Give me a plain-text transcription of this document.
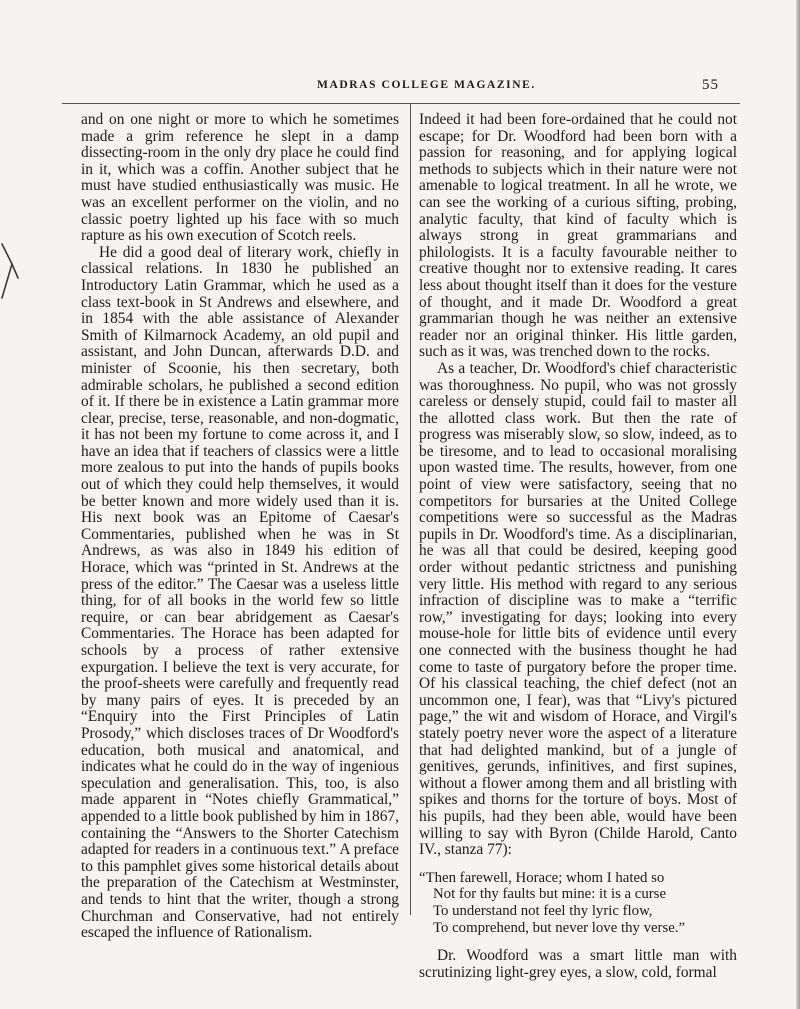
MADRAS COLLEGE MAGAZINE.	55

and on one night or more to which he sometimes made a grim reference he slept in a damp dissecting-room in the only dry place he could find in it, which was a coffin. Another subject that he must have studied enthusiastically was music. He was an excellent performer on the violin, and no classic poetry lighted up his face with so much rapture as his own execution of Scotch reels.

He did a good deal of literary work, chiefly in classical relations. In 1830 he published an Introductory Latin Grammar, which he used as a class text-book in St Andrews and elsewhere, and in 1854 with the able assistance of Alexander Smith of Kilmarnock Academy, an old pupil and assistant, and John Duncan, afterwards D.D. and minister of Scoonie, his then secretary, both admirable scholars, he published a second edition of it. If there be in existence a Latin grammar more clear, precise, terse, reasonable, and non-dogmatic, it has not been my fortune to come across it, and I have an idea that if teachers of classics were a little more zealous to put into the hands of pupils books out of which they could help themselves, it would be better known and more widely used than it is. His next book was an Epitome of Caesar's Commentaries, published when he was in St Andrews, as was also in 1849 his edition of Horace, which was “printed in St. Andrews at the press of the editor.” The Caesar was a useless little thing, for of all books in the world few so little require, or can bear abridgement as Caesar's Commentaries. The Horace has been adapted for schools by a process of rather extensive expurgation. I believe the text is very accurate, for the proof-sheets were carefully and frequently read by many pairs of eyes. It is preceded by an “Enquiry into the First Principles of Latin Prosody,” which discloses traces of Dr Woodford's education, both musical and anatomical, and indicates what he could do in the way of ingenious speculation and generalisation. This, too, is also made apparent in “Notes chiefly Grammatical,” appended to a little book published by him in 1867, containing the “Answers to the Shorter Catechism adapted for readers in a continuous text.” A preface to this pamphlet gives some historical details about the preparation of the Catechism at Westminster, and tends to hint that the writer, though a strong Churchman and Conservative, had not entirely escaped the influence of Rationalism.

Indeed it had been fore-ordained that he could not escape; for Dr. Woodford had been born with a passion for reasoning, and for applying logical methods to subjects which in their nature were not amenable to logical treatment. In all he wrote, we can see the working of a curious sifting, probing, analytic faculty, that kind of faculty which is always strong in great grammarians and philologists. It is a faculty favourable neither to creative thought nor to extensive reading. It cares less about thought itself than it does for the vesture of thought, and it made Dr. Woodford a great grammarian though he was neither an extensive reader nor an original thinker. His little garden, such as it was, was trenched down to the rocks.

As a teacher, Dr. Woodford's chief characteristic was thoroughness. No pupil, who was not grossly careless or densely stupid, could fail to master all the allotted class work. But then the rate of progress was miserably slow, so slow, indeed, as to be tiresome, and to lead to occasional moralising upon wasted time. The results, however, from one point of view were satisfactory, seeing that no competitors for bursaries at the United College competitions were so successful as the Madras pupils in Dr. Woodford's time. As a disciplinarian, he was all that could be desired, keeping good order without pedantic strictness and punishing very little. His method with regard to any serious infraction of discipline was to make a “terrific row,” investigating for days; looking into every mouse-hole for little bits of evidence until every one connected with the business thought he had come to taste of purgatory before the proper time. Of his classical teaching, the chief defect (not an uncommon one, I fear), was that “Livy's pictured page,” the wit and wisdom of Horace, and Virgil's stately poetry never wore the aspect of a literature that had delighted mankind, but of a jungle of genitives, gerunds, infinitives, and first supines, without a flower among them and all bristling with spikes and thorns for the torture of boys. Most of his pupils, had they been able, would have been willing to say with Byron (Childe Harold, Canto IV., stanza 77):

“Then farewell, Horace; whom I hated so
Not for thy faults but mine: it is a curse
To understand not feel thy lyric flow,
To comprehend, but never love thy verse.”

Dr. Woodford was a smart little man with scrutinizing light-grey eyes, a slow, cold, formal
